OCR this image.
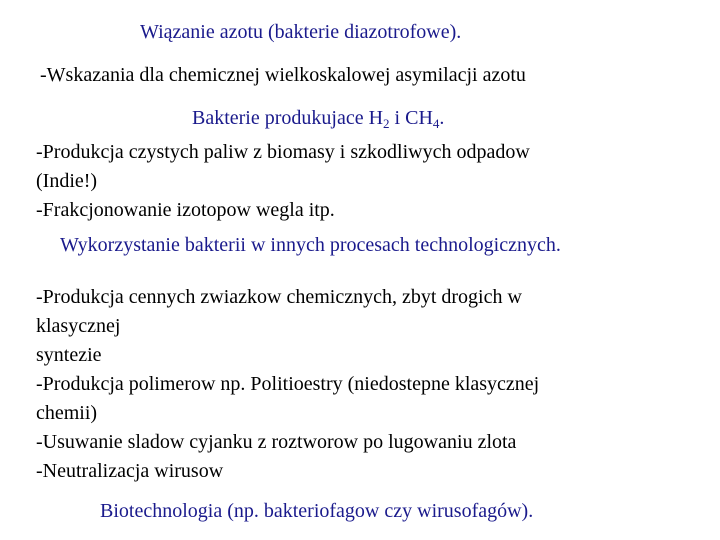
Wiązanie azotu (bakterie diazotrofowe).
-Wskazania dla chemicznej wielkoskalowej asymilacji azotu
Bakterie produkujace $H_2$ i $CH_4$.
-Produkcja czystych paliw z biomasy i szkodliwych odpadow
(Indie!)
-Frakcjonowanie izotopow wegla itp.
Wykorzystanie bakterii w innych procesach technologicznych.
-Produkcja cennych zwiazkow chemicznych, zbyt drogich w
klasycznej
syntezie
-Produkcja polimerow np. Politioestry (niedostepne klasycznej
chemii)
-Usuwanie sladow cyjanku z roztworow po lugowaniu zlota
-Neutralizacja wirusow
Biotechnologia (np. bakteriofagow czy wirusofagów).
